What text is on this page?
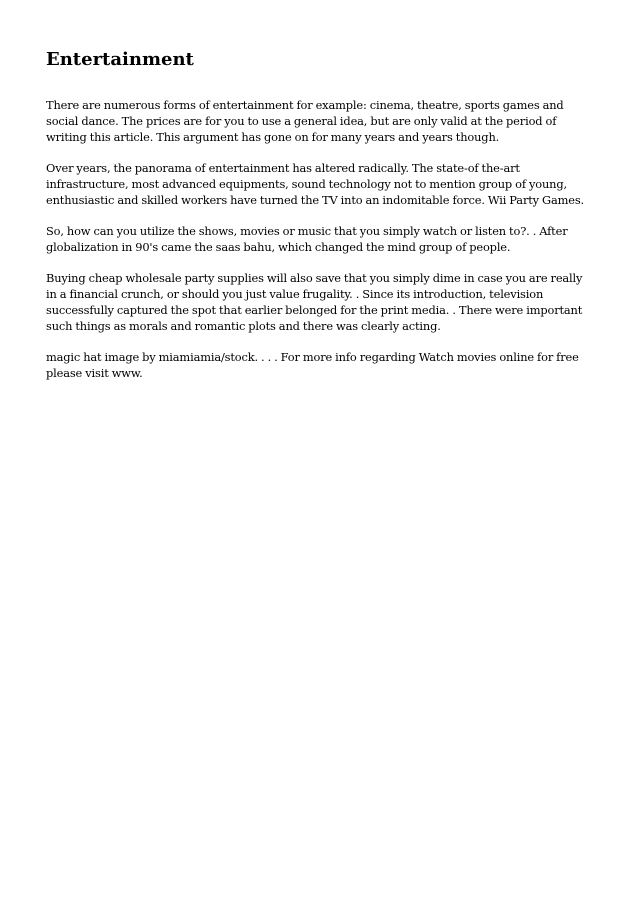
Entertainment

There are numerous forms of entertainment for example: cinema, theatre, sports games and social dance. The prices are for you to use a general idea, but are only valid at the period of writing this article. This argument has gone on for many years and years though.

Over years, the panorama of entertainment has altered radically. The state-of the-art infrastructure, most advanced equipments, sound technology not to mention group of young, enthusiastic and skilled workers have turned the TV into an indomitable force. Wii Party Games.

So, how can you utilize the shows, movies or music that you simply watch or listen to?. . After globalization in 90's came the saas bahu, which changed the mind group of people.

Buying cheap wholesale party supplies will also save that you simply dime in case you are really in a financial crunch, or should you just value frugality. . Since its introduction, television successfully captured the spot that earlier belonged for the print media. . There were important such things as morals and romantic plots and there was clearly acting.

magic hat image by miamiamia/stock. . . . For more info regarding Watch movies online for free please visit www.
